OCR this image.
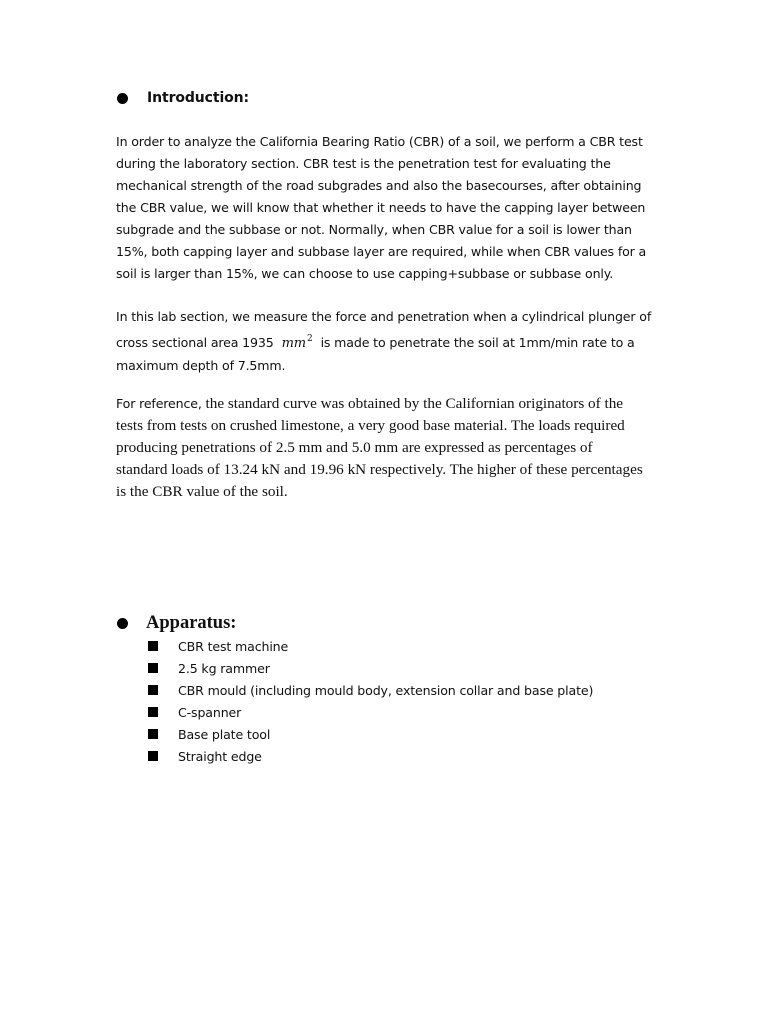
Introduction:

In order to analyze the California Bearing Ratio (CBR) of a soil, we perform a CBR test during the laboratory section. CBR test is the penetration test for evaluating the mechanical strength of the road subgrades and also the basecourses, after obtaining the CBR value, we will know that whether it needs to have the capping layer between subgrade and the subbase or not. Normally, when CBR value for a soil is lower than 15%, both capping layer and subbase layer are required, while when CBR values for a soil is larger than 15%, we can choose to use capping+subbase or subbase only.

In this lab section, we measure the force and penetration when a cylindrical plunger of cross sectional area 1935 $mm^2$ is made to penetrate the soil at 1mm/min rate to a maximum depth of 7.5mm.

For reference, the standard curve was obtained by the Californian originators of the tests from tests on crushed limestone, a very good base material. The loads required producing penetrations of 2.5 mm and 5.0 mm are expressed as percentages of standard loads of 13.24 kN and 19.96 kN respectively. The higher of these percentages is the CBR value of the soil.

Apparatus:
CBR test machine
2.5 kg rammer
CBR mould (including mould body, extension collar and base plate)
C-spanner
Base plate tool
Straight edge
